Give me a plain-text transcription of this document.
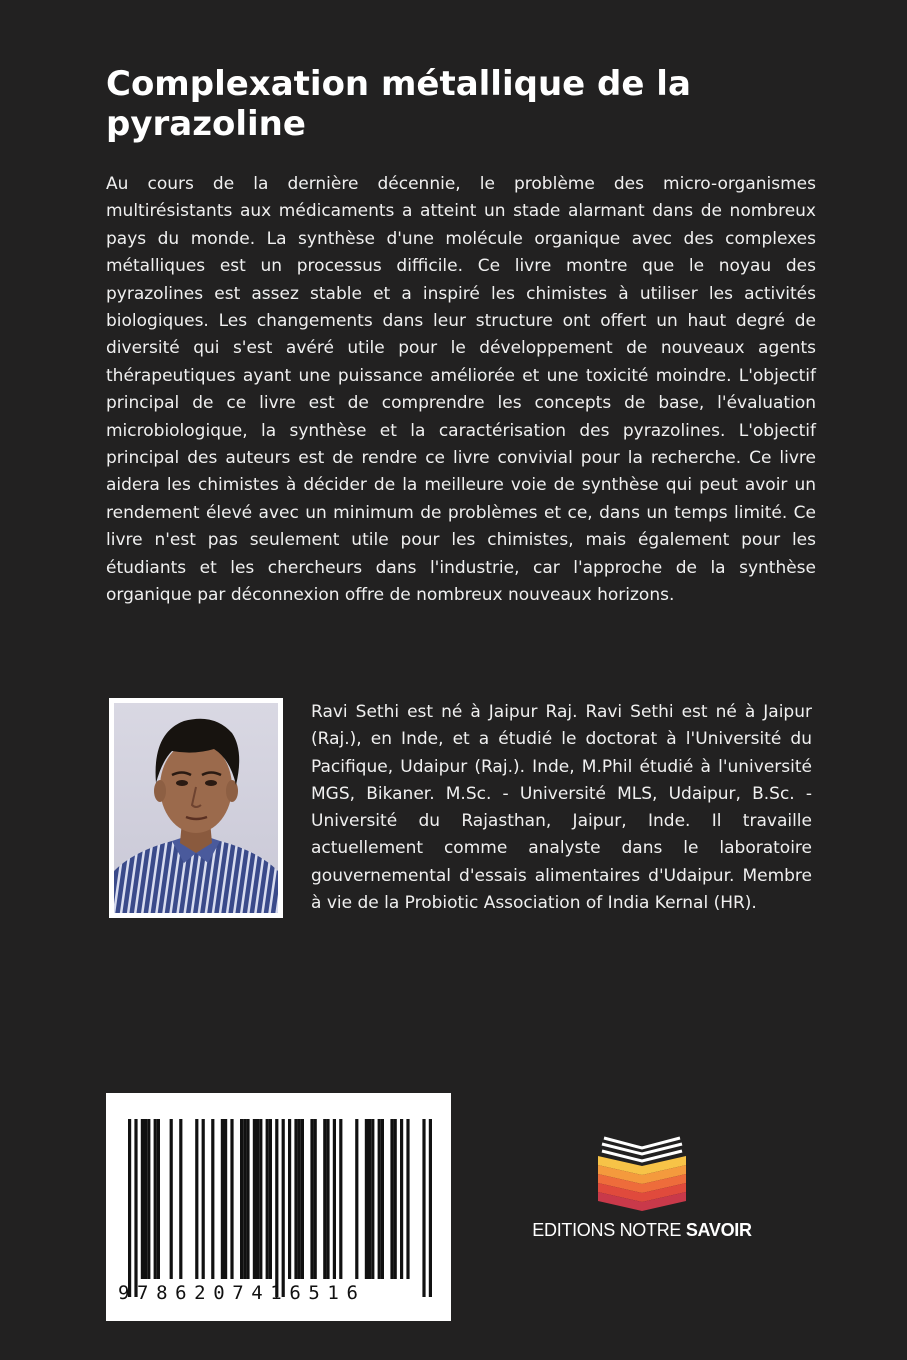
Complexation métallique de la pyrazoline

Au cours de la dernière décennie, le problème des micro-organismes multirésistants aux médicaments a atteint un stade alarmant dans de nombreux pays du monde. La synthèse d'une molécule organique avec des complexes métalliques est un processus difficile. Ce livre montre que le noyau des pyrazolines est assez stable et a inspiré les chimistes à utiliser les activités biologiques. Les changements dans leur structure ont offert un haut degré de diversité qui s'est avéré utile pour le développement de nouveaux agents thérapeutiques ayant une puissance améliorée et une toxicité moindre. L'objectif principal de ce livre est de comprendre les concepts de base, l'évaluation microbiologique, la synthèse et la caractérisation des pyrazolines. L'objectif principal des auteurs est de rendre ce livre convivial pour la recherche. Ce livre aidera les chimistes à décider de la meilleure voie de synthèse qui peut avoir un rendement élevé avec un minimum de problèmes et ce, dans un temps limité. Ce livre n'est pas seulement utile pour les chimistes, mais également pour les étudiants et les chercheurs dans l'industrie, car l'approche de la synthèse organique par déconnexion offre de nombreux nouveaux horizons.

Ravi Sethi est né à Jaipur Raj. Ravi Sethi est né à Jaipur (Raj.), en Inde, et a étudié le doctorat à l'Université du Pacifique, Udaipur (Raj.). Inde, M.Phil étudié à l'université MGS, Bikaner. M.Sc. - Université MLS, Udaipur, B.Sc. - Université du Rajasthan, Jaipur, Inde. Il travaille actuellement comme analyste dans le laboratoire gouvernemental d'essais alimentaires d'Udaipur. Membre à vie de la Probiotic Association of India Kernal (HR).

9786207416516
EDITIONS NOTRE SAVOIR
